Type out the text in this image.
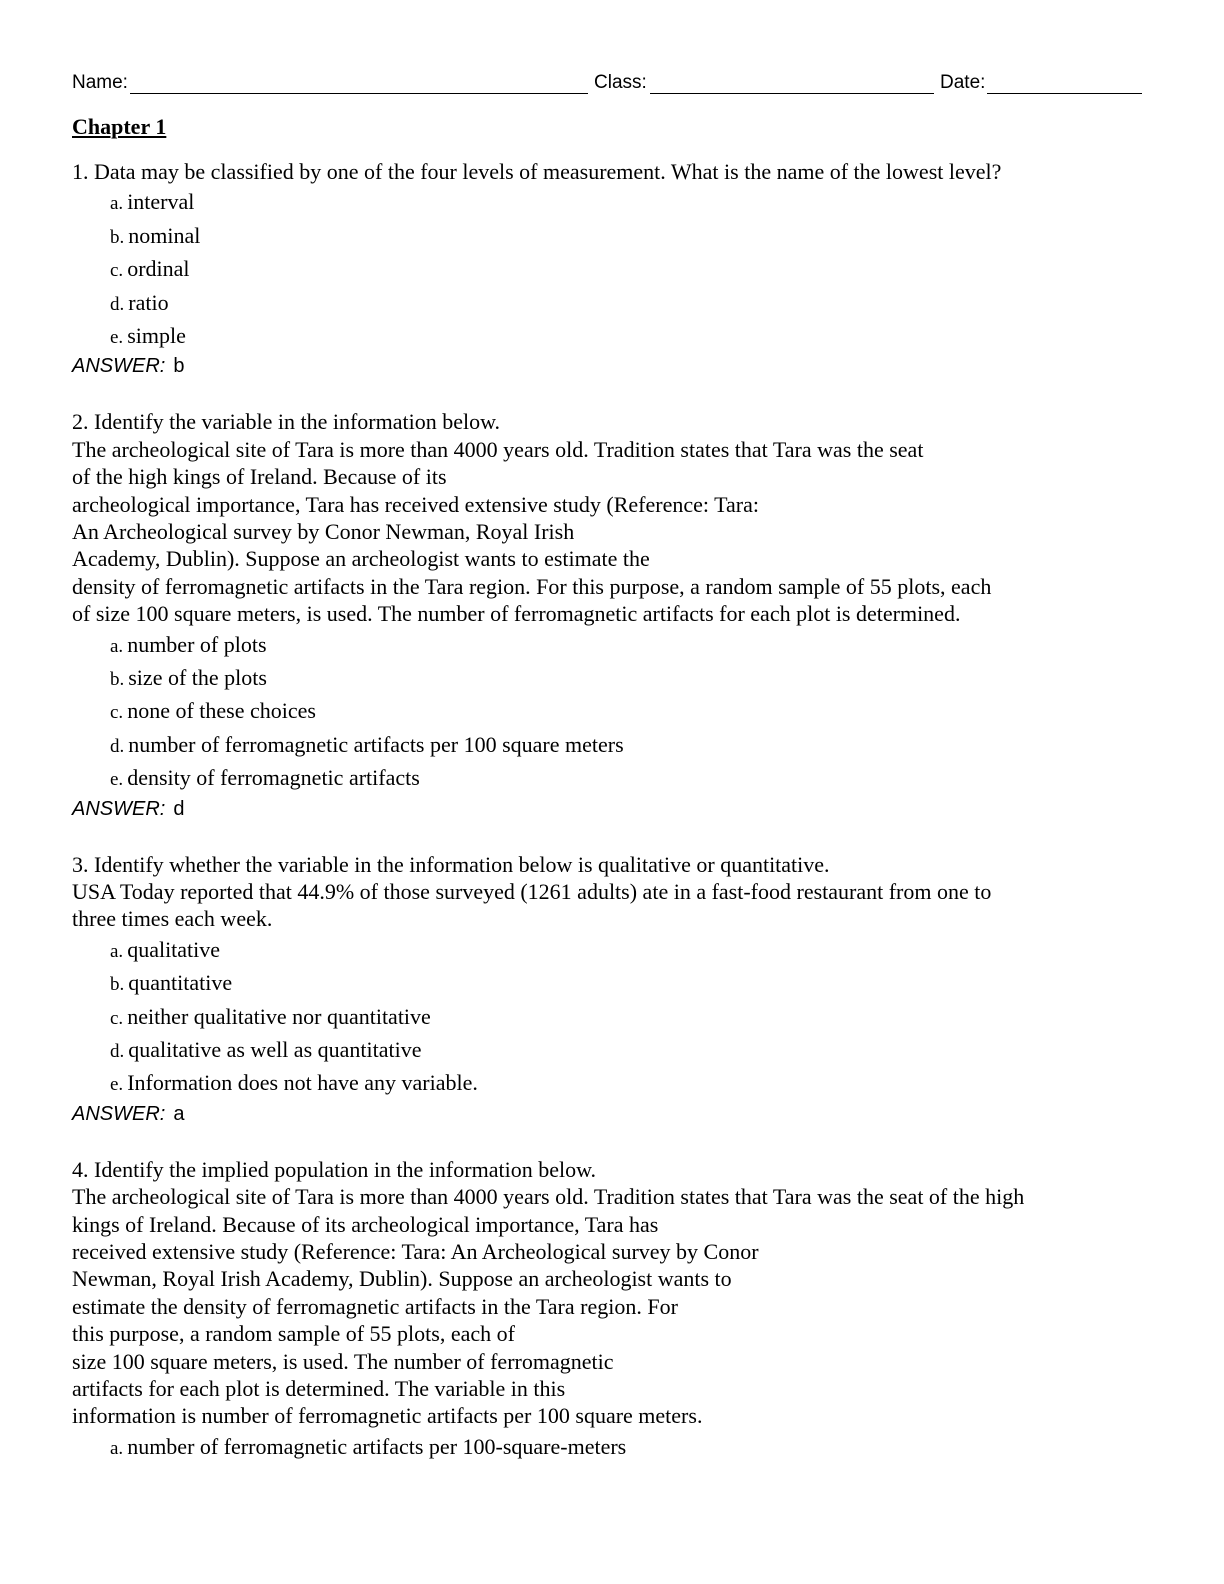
Name:	Class:	Date:
Chapter 1
1. Data may be classified by one of the four levels of measurement. What is the name of the lowest level?
a. interval
b. nominal
c. ordinal
d. ratio
e. simple
ANSWER: b
2. Identify the variable in the information below.
The archeological site of Tara is more than 4000 years old. Tradition states that Tara was the seat
of the high kings of Ireland. Because of its
archeological importance, Tara has received extensive study (Reference: Tara:
An Archeological survey by Conor Newman, Royal Irish
Academy, Dublin). Suppose an archeologist wants to estimate the
density of ferromagnetic artifacts in the Tara region. For this purpose, a random sample of 55 plots, each
of size 100 square meters, is used. The number of ferromagnetic artifacts for each plot is determined.
a. number of plots
b. size of the plots
c. none of these choices
d. number of ferromagnetic artifacts per 100 square meters
e. density of ferromagnetic artifacts
ANSWER: d
3. Identify whether the variable in the information below is qualitative or quantitative.
USA Today reported that 44.9% of those surveyed (1261 adults) ate in a fast-food restaurant from one to
three times each week.
a. qualitative
b. quantitative
c. neither qualitative nor quantitative
d. qualitative as well as quantitative
e. Information does not have any variable.
ANSWER: a
4. Identify the implied population in the information below.
The archeological site of Tara is more than 4000 years old. Tradition states that Tara was the seat of the high
kings of Ireland. Because of its archeological importance, Tara has
received extensive study (Reference: Tara: An Archeological survey by Conor
Newman, Royal Irish Academy, Dublin). Suppose an archeologist wants to
estimate the density of ferromagnetic artifacts in the Tara region. For
this purpose, a random sample of 55 plots, each of
size 100 square meters, is used. The number of ferromagnetic
artifacts for each plot is determined. The variable in this
information is number of ferromagnetic artifacts per 100 square meters.
a. number of ferromagnetic artifacts per 100-square-meters
